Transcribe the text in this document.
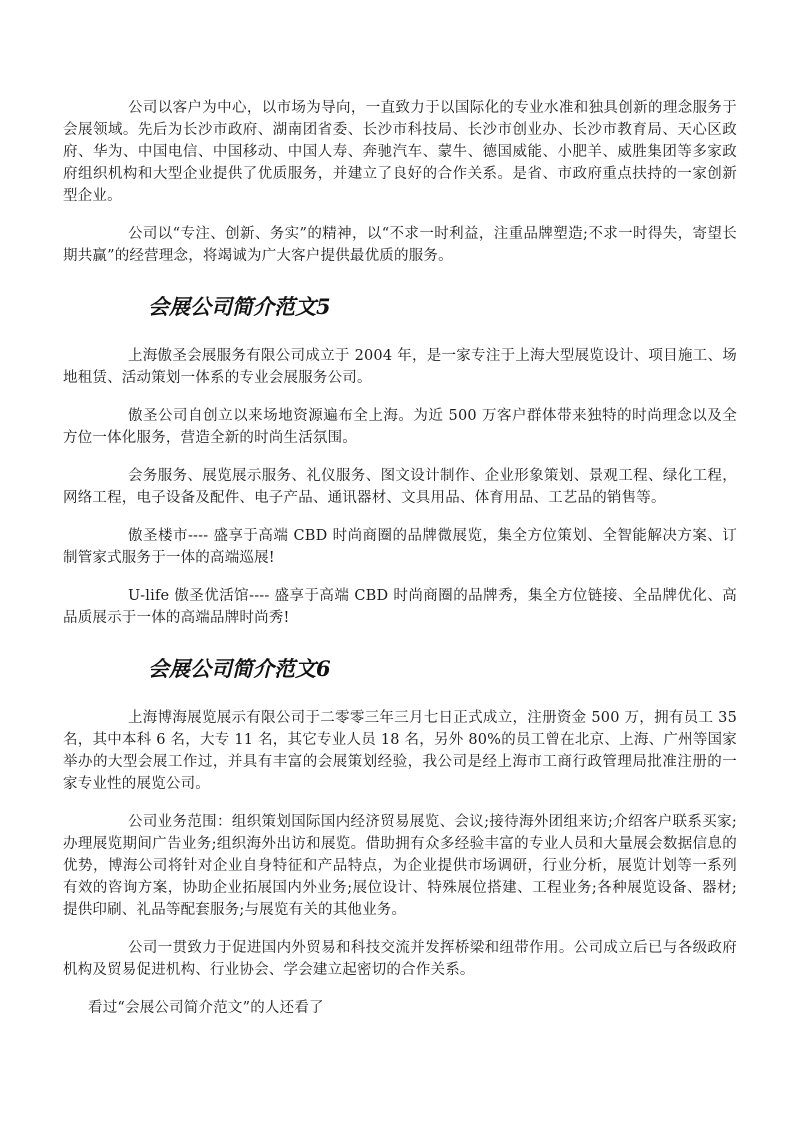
公司以客户为中心，以市场为导向，一直致力于以国际化的专业水准和独具创新的理念服务于会展领域。先后为长沙市政府、湖南团省委、长沙市科技局、长沙市创业办、长沙市教育局、天心区政府、华为、中国电信、中国移动、中国人寿、奔驰汽车、蒙牛、德国威能、小肥羊、威胜集团等多家政府组织机构和大型企业提供了优质服务，并建立了良好的合作关系。是省、市政府重点扶持的一家创新型企业。

公司以“专注、创新、务实”的精神，以“不求一时利益，注重品牌塑造;不求一时得失，寄望长期共赢”的经营理念，将竭诚为广大客户提供最优质的服务。

会展公司简介范文5

上海傲圣会展服务有限公司成立于 2004 年，是一家专注于上海大型展览设计、项目施工、场地租赁、活动策划一体系的专业会展服务公司。

傲圣公司自创立以来场地资源遍布全上海。为近 500 万客户群体带来独特的时尚理念以及全方位一体化服务，营造全新的时尚生活氛围。

会务服务、展览展示服务、礼仪服务、图文设计制作、企业形象策划、景观工程、绿化工程，网络工程，电子设备及配件、电子产品、通讯器材、文具用品、体育用品、工艺品的销售等。

傲圣楼市---- 盛享于高端 CBD 时尚商圈的品牌微展览，集全方位策划、全智能解决方案、订制管家式服务于一体的高端巡展!

U-life 傲圣优活馆---- 盛享于高端 CBD 时尚商圈的品牌秀，集全方位链接、全品牌优化、高品质展示于一体的高端品牌时尚秀!

会展公司简介范文6

上海博海展览展示有限公司于二零零三年三月七日正式成立，注册资金 500 万，拥有员工 35 名，其中本科 6 名，大专 11 名，其它专业人员 18 名，另外 80%的员工曾在北京、上海、广州等国家举办的大型会展工作过，并具有丰富的会展策划经验，我公司是经上海市工商行政管理局批准注册的一家专业性的展览公司。

公司业务范围：组织策划国际国内经济贸易展览、会议;接待海外团组来访;介绍客户联系买家;办理展览期间广告业务;组织海外出访和展览。借助拥有众多经验丰富的专业人员和大量展会数据信息的优势，博海公司将针对企业自身特征和产品特点，为企业提供市场调研，行业分析，展览计划等一系列有效的咨询方案，协助企业拓展国内外业务;展位设计、特殊展位搭建、工程业务;各种展览设备、器材;提供印刷、礼品等配套服务;与展览有关的其他业务。

公司一贯致力于促进国内外贸易和科技交流并发挥桥梁和纽带作用。公司成立后已与各级政府机构及贸易促进机构、行业协会、学会建立起密切的合作关系。

看过“会展公司简介范文”的人还看了
